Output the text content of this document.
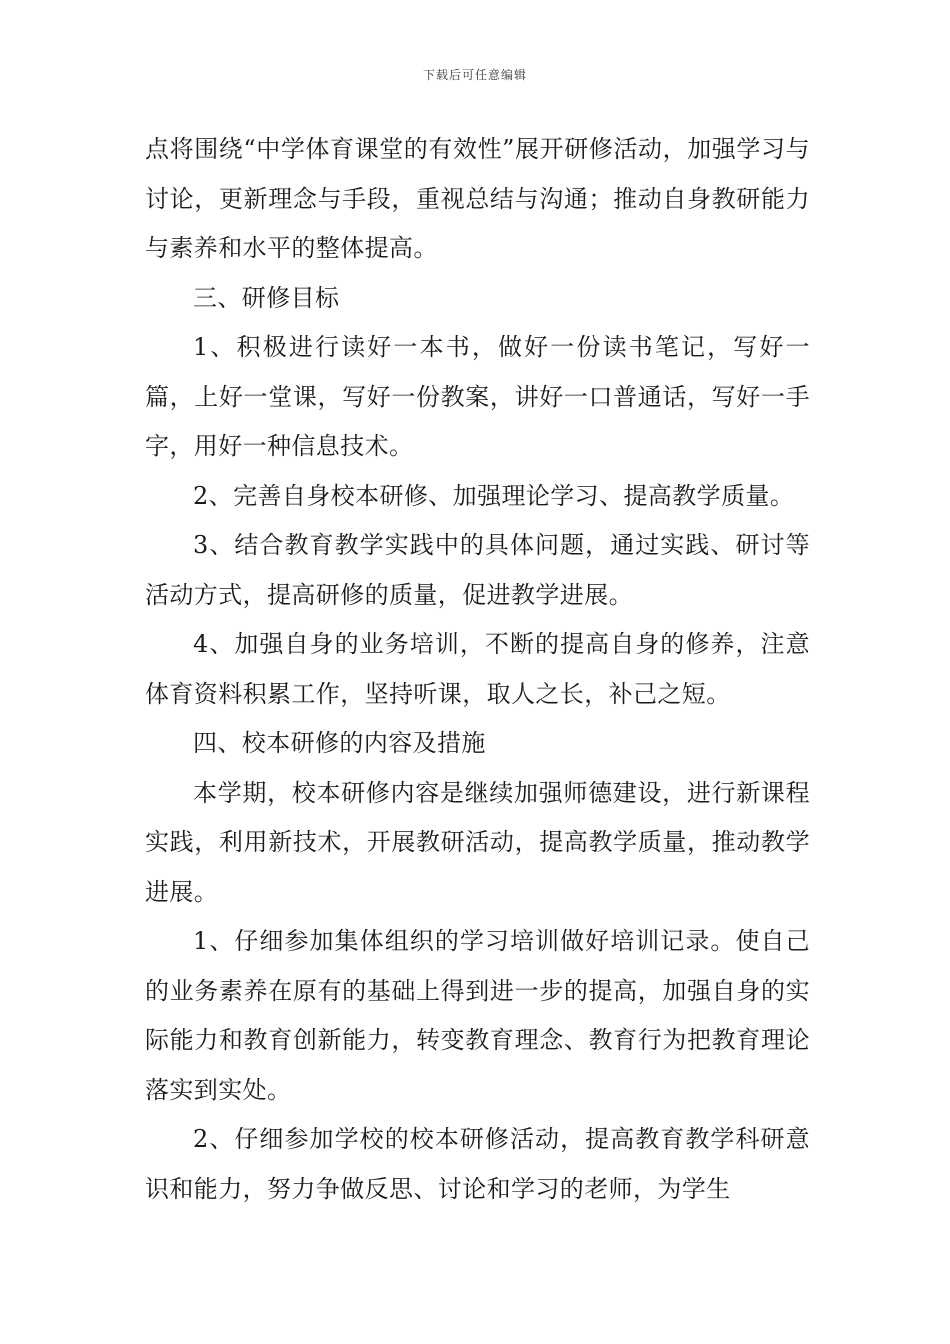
下载后可任意编辑

点将围绕“中学体育课堂的有效性”展开研修活动，加强学习与讨论，更新理念与手段，重视总结与沟通；推动自身教研能力与素养和水平的整体提高。

三、研修目标

1、积极进行读好一本书，做好一份读书笔记，写好一篇，上好一堂课，写好一份教案，讲好一口普通话，写好一手字，用好一种信息技术。

2、完善自身校本研修、加强理论学习、提高教学质量。

3、结合教育教学实践中的具体问题，通过实践、研讨等活动方式，提高研修的质量，促进教学进展。

4、加强自身的业务培训，不断的提高自身的修养，注意体育资料积累工作，坚持听课，取人之长，补己之短。

四、校本研修的内容及措施

本学期，校本研修内容是继续加强师德建设，进行新课程实践，利用新技术，开展教研活动，提高教学质量，推动教学进展。

1、仔细参加集体组织的学习培训做好培训记录。使自己的业务素养在原有的基础上得到进一步的提高，加强自身的实际能力和教育创新能力，转变教育理念、教育行为把教育理论落实到实处。

2、仔细参加学校的校本研修活动，提高教育教学科研意识和能力，努力争做反思、讨论和学习的老师，为学生
